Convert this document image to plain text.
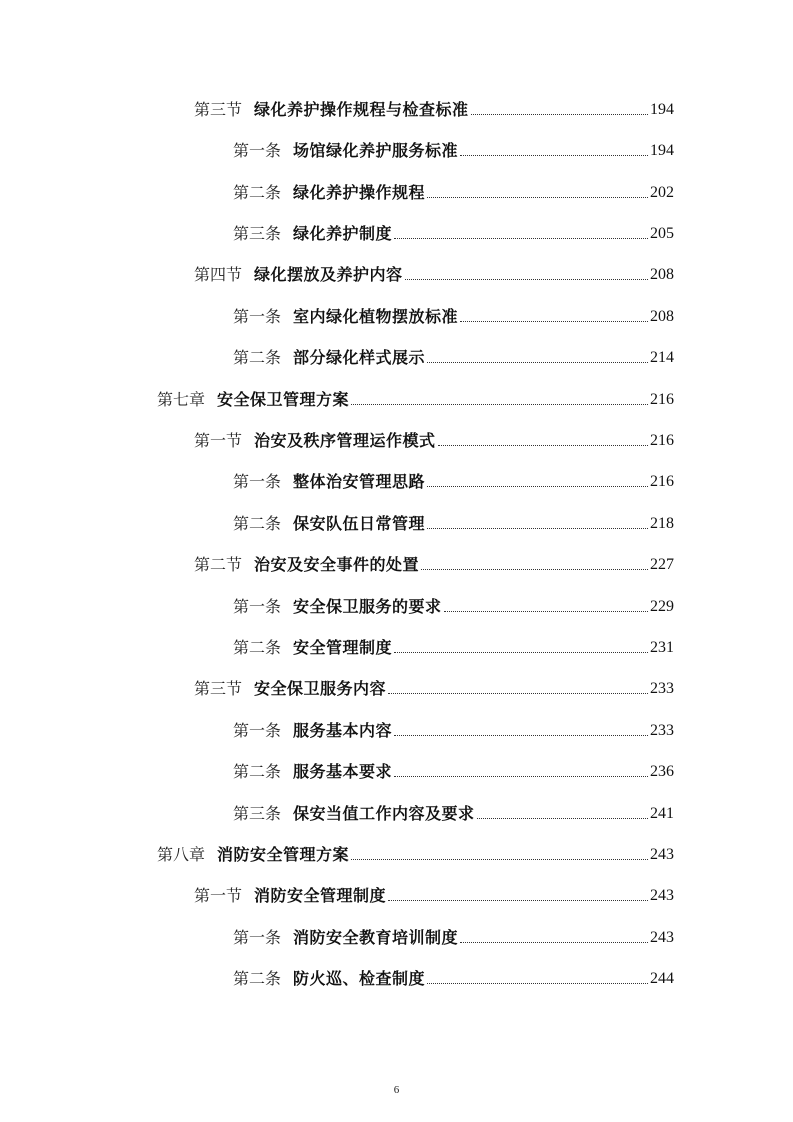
第三节 绿化养护操作规程与检查标准	194
第一条 场馆绿化养护服务标准	194
第二条 绿化养护操作规程	202
第三条 绿化养护制度	205
第四节 绿化摆放及养护内容	208
第一条 室内绿化植物摆放标准	208
第二条 部分绿化样式展示	214
第七章 安全保卫管理方案	216
第一节 治安及秩序管理运作模式	216
第一条 整体治安管理思路	216
第二条 保安队伍日常管理	218
第二节 治安及安全事件的处置	227
第一条 安全保卫服务的要求	229
第二条 安全管理制度	231
第三节 安全保卫服务内容	233
第一条 服务基本内容	233
第二条 服务基本要求	236
第三条 保安当值工作内容及要求	241
第八章 消防安全管理方案	243
第一节 消防安全管理制度	243
第一条 消防安全教育培训制度	243
第二条 防火巡、检查制度	244
6
